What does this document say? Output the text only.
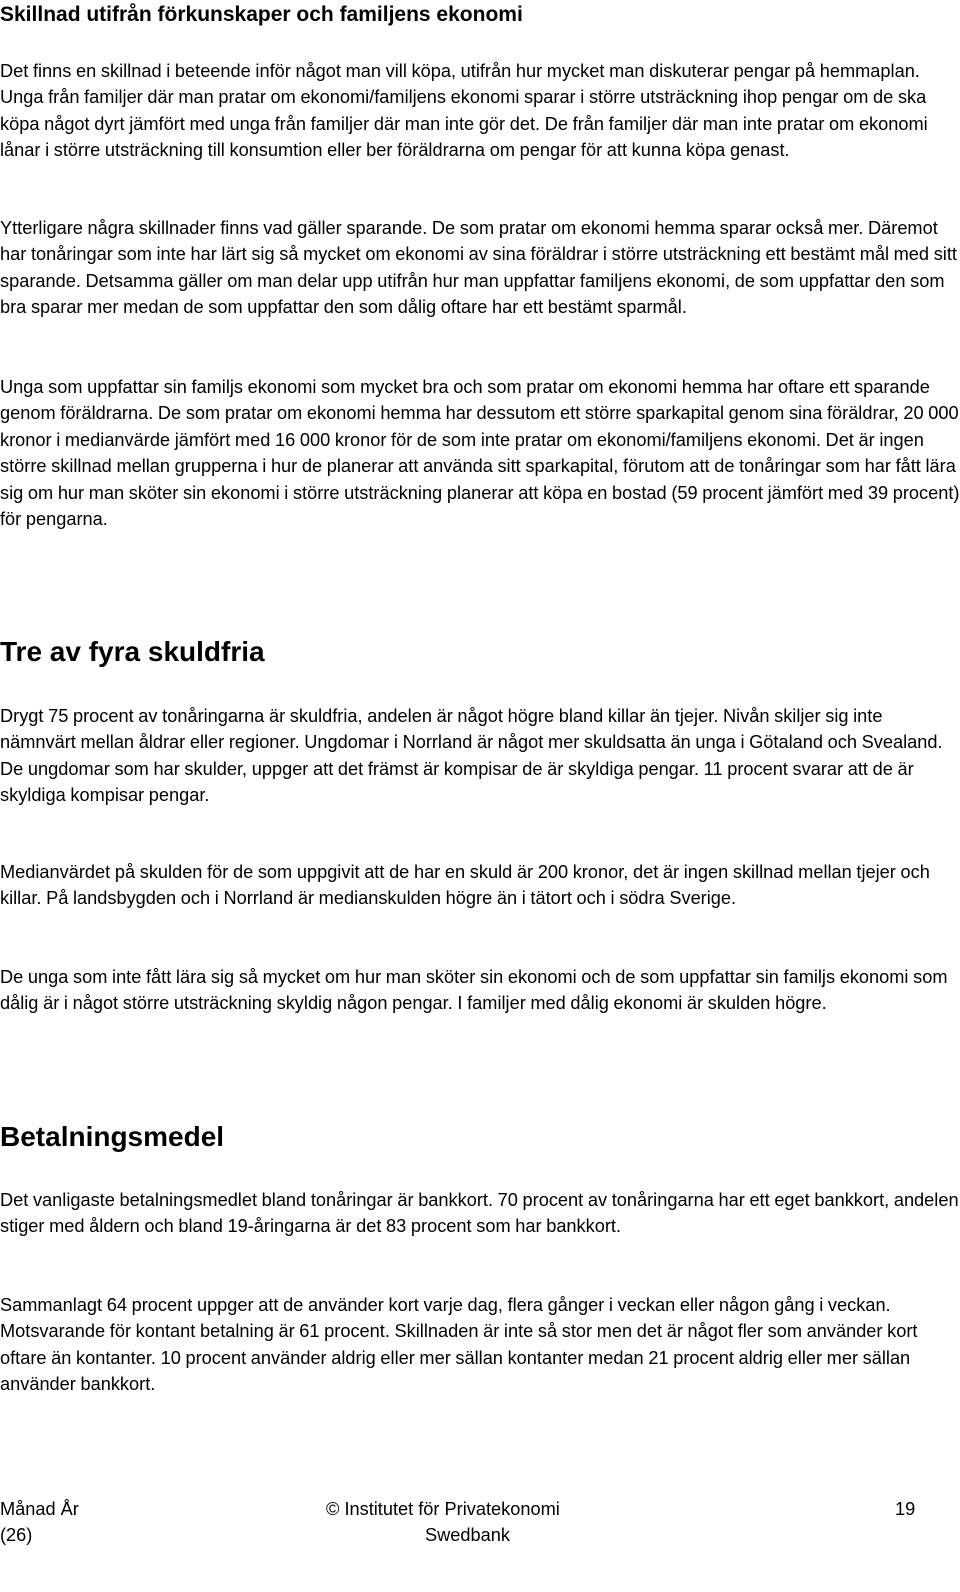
Skillnad utifrån förkunskaper och familjens ekonomi

Det finns en skillnad i beteende inför något man vill köpa, utifrån hur mycket man diskuterar pengar på hemmaplan. Unga från familjer där man pratar om ekonomi/familjens ekonomi sparar i större utsträckning ihop pengar om de ska köpa något dyrt jämfört med unga från familjer där man inte gör det. De från familjer där man inte pratar om ekonomi lånar i större utsträckning till konsumtion eller ber föräldrarna om pengar för att kunna köpa genast.

Ytterligare några skillnader finns vad gäller sparande. De som pratar om ekonomi hemma sparar också mer. Däremot har tonåringar som inte har lärt sig så mycket om ekonomi av sina föräldrar i större utsträckning ett bestämt mål med sitt sparande. Detsamma gäller om man delar upp utifrån hur man uppfattar familjens ekonomi, de som uppfattar den som bra sparar mer medan de som uppfattar den som dålig oftare har ett bestämt sparmål.

Unga som uppfattar sin familjs ekonomi som mycket bra och som pratar om ekonomi hemma har oftare ett sparande genom föräldrarna. De som pratar om ekonomi hemma har dessutom ett större sparkapital genom sina föräldrar, 20 000 kronor i medianvärde jämfört med 16 000 kronor för de som inte pratar om ekonomi/familjens ekonomi. Det är ingen större skillnad mellan grupperna i hur de planerar att använda sitt sparkapital, förutom att de tonåringar som har fått lära sig om hur man sköter sin ekonomi i större utsträckning planerar att köpa en bostad (59 procent jämfört med 39 procent) för pengarna.

Tre av fyra skuldfria

Drygt 75 procent av tonåringarna är skuldfria, andelen är något högre bland killar än tjejer. Nivån skiljer sig inte nämnvärt mellan åldrar eller regioner. Ungdomar i Norrland är något mer skuldsatta än unga i Götaland och Svealand. De ungdomar som har skulder, uppger att det främst är kompisar de är skyldiga pengar. 11 procent svarar att de är skyldiga kompisar pengar.

Medianvärdet på skulden för de som uppgivit att de har en skuld är 200 kronor, det är ingen skillnad mellan tjejer och killar. På landsbygden och i Norrland är medianskulden högre än i tätort och i södra Sverige.

De unga som inte fått lära sig så mycket om hur man sköter sin ekonomi och de som uppfattar sin familjs ekonomi som dålig är i något större utsträckning skyldig någon pengar. I familjer med dålig ekonomi är skulden högre.

Betalningsmedel

Det vanligaste betalningsmedlet bland tonåringar är bankkort. 70 procent av tonåringarna har ett eget bankkort, andelen stiger med åldern och bland 19-åringarna är det 83 procent som har bankkort.

Sammanlagt 64 procent uppger att de använder kort varje dag, flera gånger i veckan eller någon gång i veckan. Motsvarande för kontant betalning är 61 procent. Skillnaden är inte så stor men det är något fler som använder kort oftare än kontanter. 10 procent använder aldrig eller mer sällan kontanter medan 21 procent aldrig eller mer sällan använder bankkort.

Månad År (26)
© Institutet för Privatekonomi
Swedbank
19
